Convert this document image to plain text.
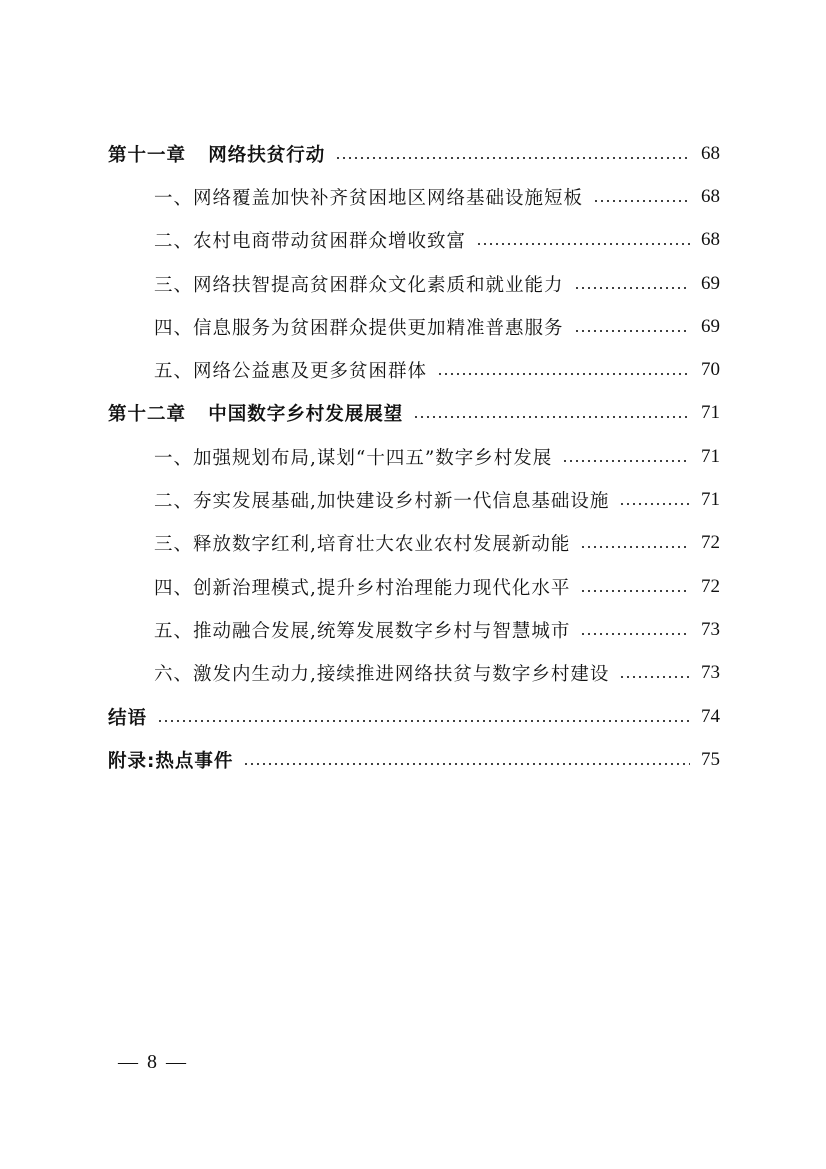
第十一章 网络扶贫行动	68
一、网络覆盖加快补齐贫困地区网络基础设施短板	68
二、农村电商带动贫困群众增收致富	68
三、网络扶智提高贫困群众文化素质和就业能力	69
四、信息服务为贫困群众提供更加精准普惠服务	69
五、网络公益惠及更多贫困群体	70
第十二章 中国数字乡村发展展望	71
一、加强规划布局,谋划“十四五”数字乡村发展	71
二、夯实发展基础,加快建设乡村新一代信息基础设施	71
三、释放数字红利,培育壮大农业农村发展新动能	72
四、创新治理模式,提升乡村治理能力现代化水平	72
五、推动融合发展,统筹发展数字乡村与智慧城市	73
六、激发内生动力,接续推进网络扶贫与数字乡村建设	73
结语	74
附录:热点事件	75
— 8 —
